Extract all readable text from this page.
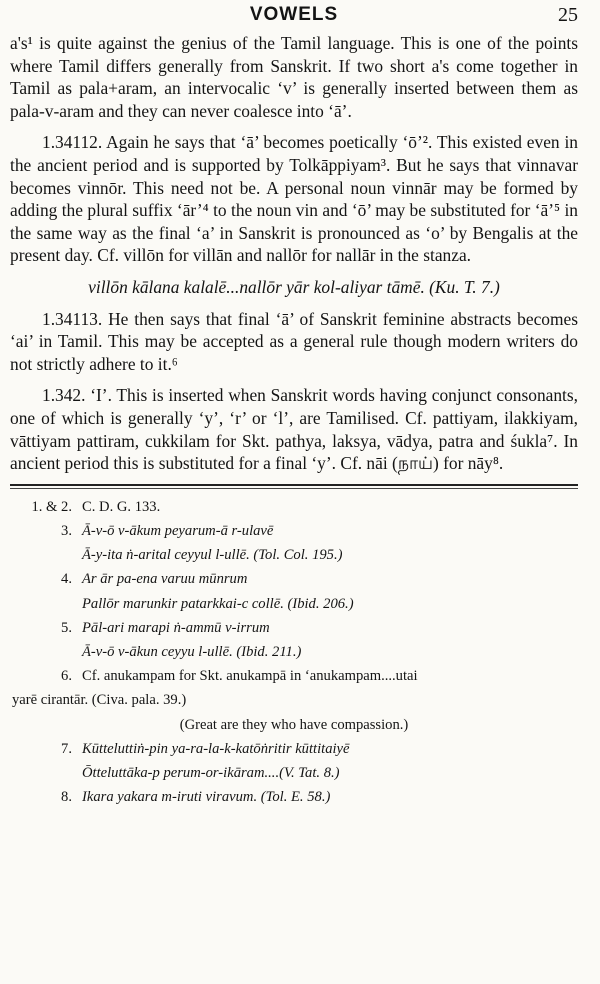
VOWELS	25

a's¹ is quite against the genius of the Tamil language. This is one of the points where Tamil differs generally from Sanskrit. If two short a's come together in Tamil as pala+aram, an intervocalic ‘v’ is generally inserted between them as pala-v-aram and they can never coalesce into ‘ā’.

1.34112. Again he says that ‘ā’ becomes poetically ‘ō’². This existed even in the ancient period and is supported by Tolkāppiyam³. But he says that vinnavar becomes vinnōr. This need not be. A personal noun vinnār may be formed by adding the plural suffix ‘ār’⁴ to the noun vin and ‘ō’ may be substituted for ‘ā’⁵ in the same way as the final ‘a’ in Sanskrit is pronounced as ‘o’ by Bengalis at the present day. Cf. villōn for villān and nallōr for nallār in the stanza.

villōn kālana kalalē...nallōr yār kol-aliyar tāmē. (Ku. T. 7.)

1.34113. He then says that final ‘ā’ of Sanskrit feminine abstracts becomes ‘ai’ in Tamil. This may be accepted as a general rule though modern writers do not strictly adhere to it.⁶

1.342. ‘I’. This is inserted when Sanskrit words having conjunct consonants, one of which is generally ‘y’, ‘r’ or ‘l’, are Tamilised. Cf. pattiyam, ilakkiyam, vāttiyam pattiram, cukkilam for Skt. pathya, laksya, vādya, patra and śukla⁷. In ancient period this is substituted for a final ‘y’. Cf. nāi (நாய்) for nāy⁸.

1. & 2. C. D. G. 133.
3. Ā-v-ō v-ākum peyarum-ā r-ulavē
Ā-y-ita ṅ-arital ceyyul l-ullē. (Tol. Col. 195.)
4. Ar ār pa-ena varuu mūnrum
Pallōr marunkir patarkkai-c collē. (Ibid. 206.)
5. Pāl-ari marapi ṅ-ammū v-irrum
Ā-v-ō v-ākun ceyyu l-ullē. (Ibid. 211.)
6. Cf. anukampam for Skt. anukampā in ‘anukampam....utai
yarē cirantār. (Civa. pala. 39.)
(Great are they who have compassion.)
7. Kūtteluttiṅ-pin ya-ra-la-k-katōṅritir kūttitaiyē
Ōtteluttāka-p perum-or-ikāram....(V. Tat. 8.)
8. Ikara yakara m-iruti viravum. (Tol. E. 58.)
